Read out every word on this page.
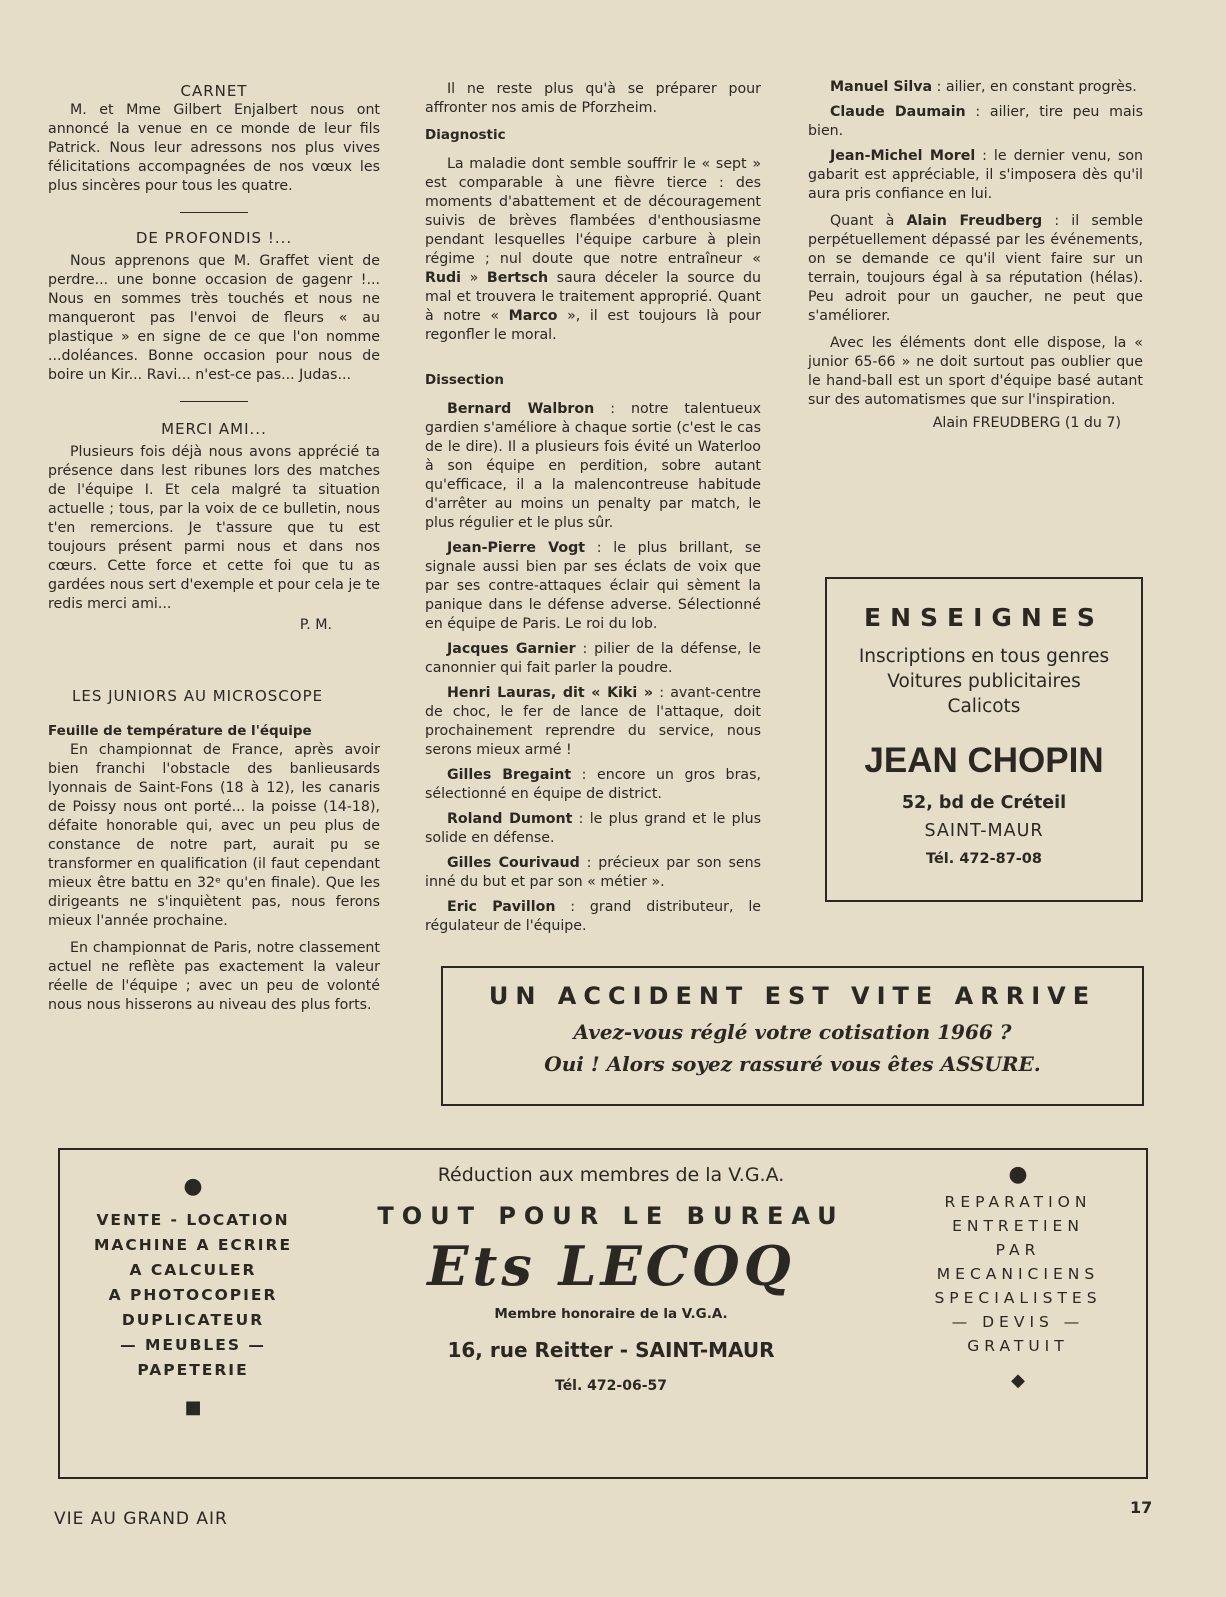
CARNET

M. et Mme Gilbert Enjalbert nous ont annoncé la venue en ce monde de leur fils Patrick. Nous leur adressons nos plus vives félicitations accompagnées de nos vœux les plus sincères pour tous les quatre.

DE PROFONDIS !...

Nous apprenons que M. Graffet vient de perdre... une bonne occasion de gagenr !... Nous en sommes très touchés et nous ne manqueront pas l'envoi de fleurs « au plastique » en signe de ce que l'on nomme ...doléances. Bonne occasion pour nous de boire un Kir... Ravi... n'est-ce pas... Judas...

MERCI AMI...

Plusieurs fois déjà nous avons apprécié ta présence dans lest ribunes lors des matches de l'équipe I. Et cela malgré ta situation actuelle ; tous, par la voix de ce bulletin, nous t'en remercions. Je t'assure que tu est toujours présent parmi nous et dans nos cœurs. Cette force et cette foi que tu as gardées nous sert d'exemple et pour cela je te redis merci ami...

P. M.
LES JUNIORS AU MICROSCOPE
Feuille de température de l'équipe

En championnat de France, après avoir bien franchi l'obstacle des banlieusards lyonnais de Saint-Fons (18 à 12), les canaris de Poissy nous ont porté... la poisse (14-18), défaite honorable qui, avec un peu plus de constance de notre part, aurait pu se transformer en qualification (il faut cependant mieux être battu en 32ᵉ qu'en finale). Que les dirigeants ne s'inquiètent pas, nous ferons mieux l'année prochaine.

En championnat de Paris, notre classement actuel ne reflète pas exactement la valeur réelle de l'équipe ; avec un peu de volonté nous nous hisserons au niveau des plus forts.

Il ne reste plus qu'à se préparer pour affronter nos amis de Pforzheim.

Diagnostic

La maladie dont semble souffrir le « sept » est comparable à une fièvre tierce : des moments d'abattement et de découragement suivis de brèves flambées d'enthousiasme pendant lesquelles l'équipe carbure à plein régime ; nul doute que notre entraîneur « Rudi » Bertsch saura déceler la source du mal et trouvera le traitement approprié. Quant à notre « Marco », il est toujours là pour regonfler le moral.

Dissection

Bernard Walbron : notre talentueux gardien s'améliore à chaque sortie (c'est le cas de le dire). Il a plusieurs fois évité un Waterloo à son équipe en perdition, sobre autant qu'efficace, il a la malencontreuse habitude d'arrêter au moins un penalty par match, le plus régulier et le plus sûr.

Jean-Pierre Vogt : le plus brillant, se signale aussi bien par ses éclats de voix que par ses contre-attaques éclair qui sèment la panique dans le défense adverse. Sélectionné en équipe de Paris. Le roi du lob.

Jacques Garnier : pilier de la défense, le canonnier qui fait parler la poudre.

Henri Lauras, dit « Kiki » : avant-centre de choc, le fer de lance de l'attaque, doit prochainement reprendre du service, nous serons mieux armé !

Gilles Bregaint : encore un gros bras, sélectionné en équipe de district.

Roland Dumont : le plus grand et le plus solide en défense.

Gilles Courivaud : précieux par son sens inné du but et par son « métier ».

Eric Pavillon : grand distributeur, le régulateur de l'équipe.

Manuel Silva : ailier, en constant progrès.

Claude Daumain : ailier, tire peu mais bien.

Jean-Michel Morel : le dernier venu, son gabarit est appréciable, il s'imposera dès qu'il aura pris confiance en lui.

Quant à Alain Freudberg : il semble perpétuellement dépassé par les événements, on se demande ce qu'il vient faire sur un terrain, toujours égal à sa réputation (hélas). Peu adroit pour un gaucher, ne peut que s'améliorer.

Avec les éléments dont elle dispose, la « junior 65-66 » ne doit surtout pas oublier que le hand-ball est un sport d'équipe basé autant sur des automatismes que sur l'inspiration.

Alain FREUDBERG (1 du 7)
ENSEIGNES
Inscriptions en tous genres
Voitures publicitaires
Calicots
JEAN CHOPIN
52, bd de Créteil
SAINT-MAUR
Tél. 472-87-08
UN ACCIDENT EST VITE ARRIVE
Avez-vous réglé votre cotisation 1966 ?
Oui ! Alors soyez rassuré vous êtes ASSURE.
●
VENTE - LOCATION
MACHINE A ECRIRE
A CALCULER
A PHOTOCOPIER
DUPLICATEUR
— MEUBLES —
PAPETERIE
■
Réduction aux membres de la V.G.A.
TOUT POUR LE BUREAU
Ets LECOQ
Membre honoraire de la V.G.A.
16, rue Reitter - SAINT-MAUR
Tél. 472-06-57
●
REPARATION
ENTRETIEN
PAR
MECANICIENS
SPECIALISTES
— DEVIS —
GRATUIT
◆
VIE AU GRAND AIR
17
